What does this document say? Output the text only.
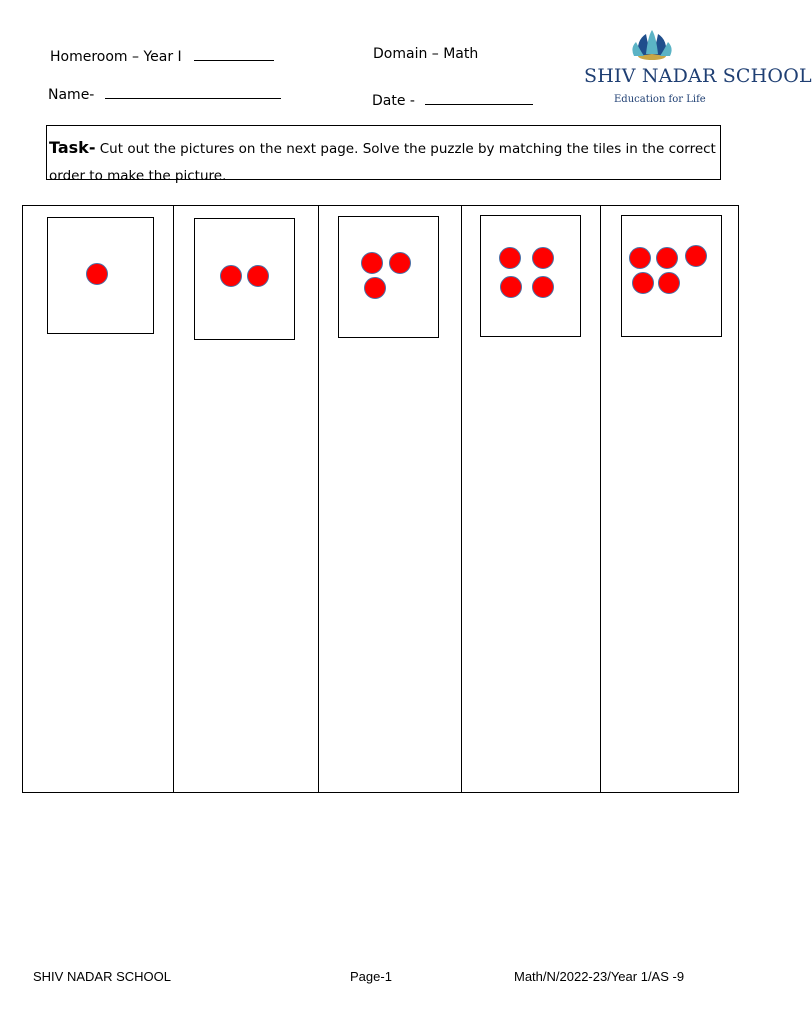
Homeroom – Year I	Domain – Math
Name-	Date -
SHIV NADAR SCHOOL
Education for Life
Task- Cut out the pictures on the next page. Solve the puzzle by matching the tiles in the correct order to make the picture.
SHIV NADAR SCHOOL	Page-1	Math/N/2022-23/Year 1/AS -9
